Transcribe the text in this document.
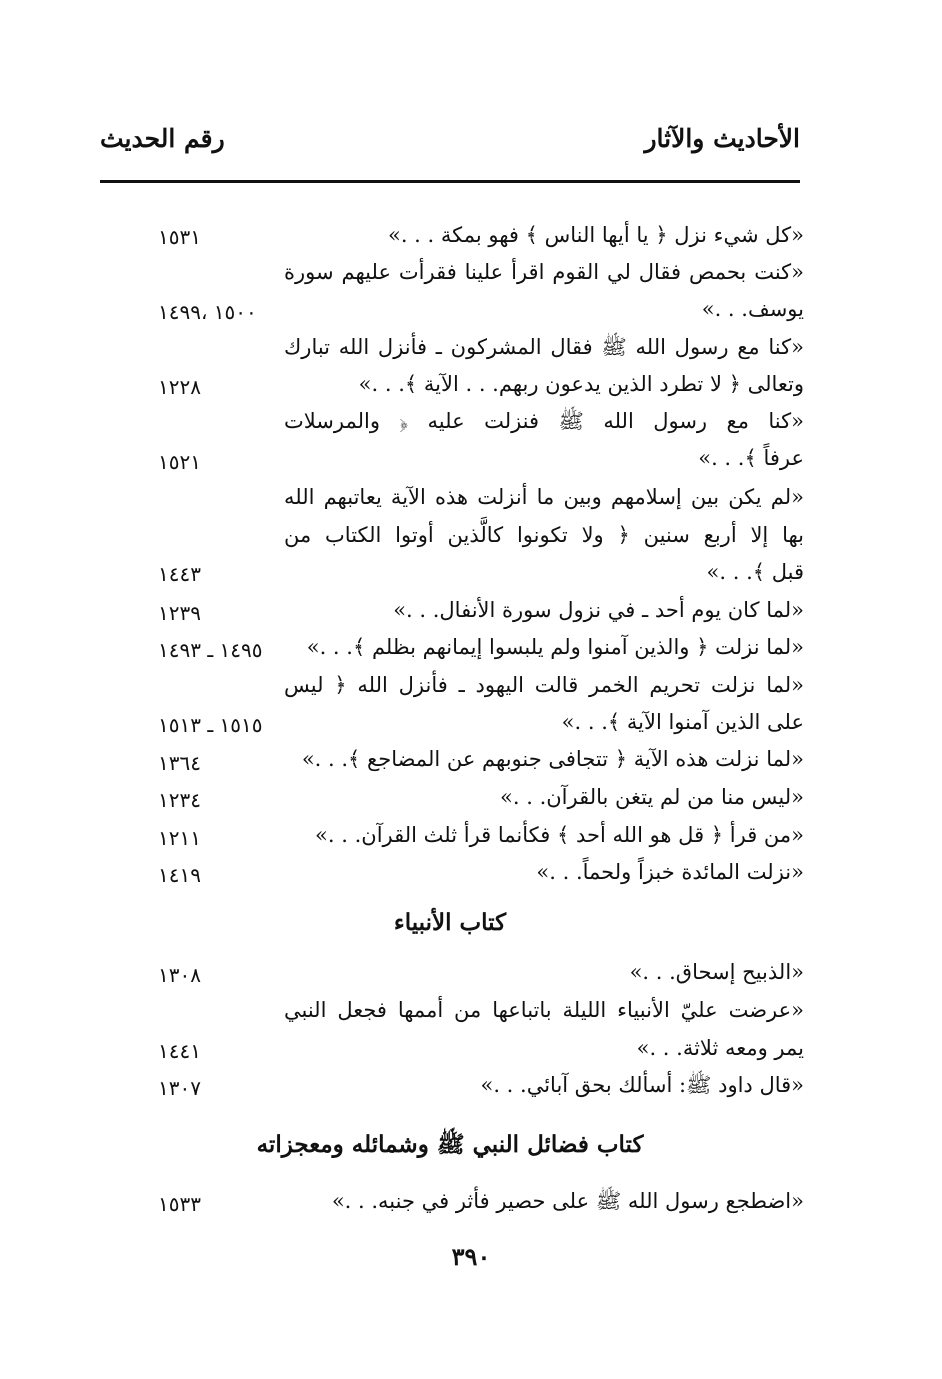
الأحاديث والآثار
رقم الحديث
«كل شيء نزل ﴿ يا أيها الناس ﴾ فهو بمكة . . .»
١٥٣١
«كنت بحمص فقال لي القوم اقرأ علينا فقرأت عليهم سورة
يوسف. . .»
١٥٠٠ ،١٤٩٩
«كنا مع رسول الله ﷺ فقال المشركون ـ فأنزل الله تبارك
وتعالى ﴿ لا تطرد الذين يدعون ربهم. . . الآية ﴾. . .»
١٢٢٨
«كنا مع رسول الله ﷺ فنزلت عليه ﴿ والمرسلات
عرفاً ﴾. . .»
١٥٢١
«لم يكن بين إسلامهم وبين ما أنزلت هذه الآية يعاتبهم الله
بها إلا أربع سنين ﴿ ولا تكونوا كالَّذين أوتوا الكتاب من
قبل ﴾. . .»
١٤٤٣
«لما كان يوم أحد ـ في نزول سورة الأنفال. . .»
١٢٣٩
«لما نزلت ﴿ والذين آمنوا ولم يلبسوا إيمانهم بظلم ﴾. . .»
١٤٩٥ ـ ١٤٩٣
«لما نزلت تحريم الخمر قالت اليهود ـ فأنزل الله ﴿ ليس
على الذين آمنوا الآية ﴾. . .»
١٥١٥ ـ ١٥١٣
«لما نزلت هذه الآية ﴿ تتجافى جنوبهم عن المضاجع ﴾. . .»
١٣٦٤
«ليس منا من لم يتغن بالقرآن. . .»
١٢٣٤
«من قرأ ﴿ قل هو الله أحد ﴾ فكأنما قرأ ثلث القرآن. . .»
١٢١١
«نزلت المائدة خبزاً ولحماً. . .»
١٤١٩
كتاب الأنبياء
«الذبيح إسحاق. . .»
١٣٠٨
«عرضت عليّ الأنبياء الليلة باتباعها من أممها فجعل النبي
يمر ومعه ثلاثة. . .»
١٤٤١
«قال داود ﷺ: أسألك بحق آبائي. . .»
١٣٠٧
كتاب فضائل النبي ﷺ وشمائله ومعجزاته
«اضطجع رسول الله ﷺ على حصير فأثر في جنبه. . .»
١٥٣٣
٣٩٠
